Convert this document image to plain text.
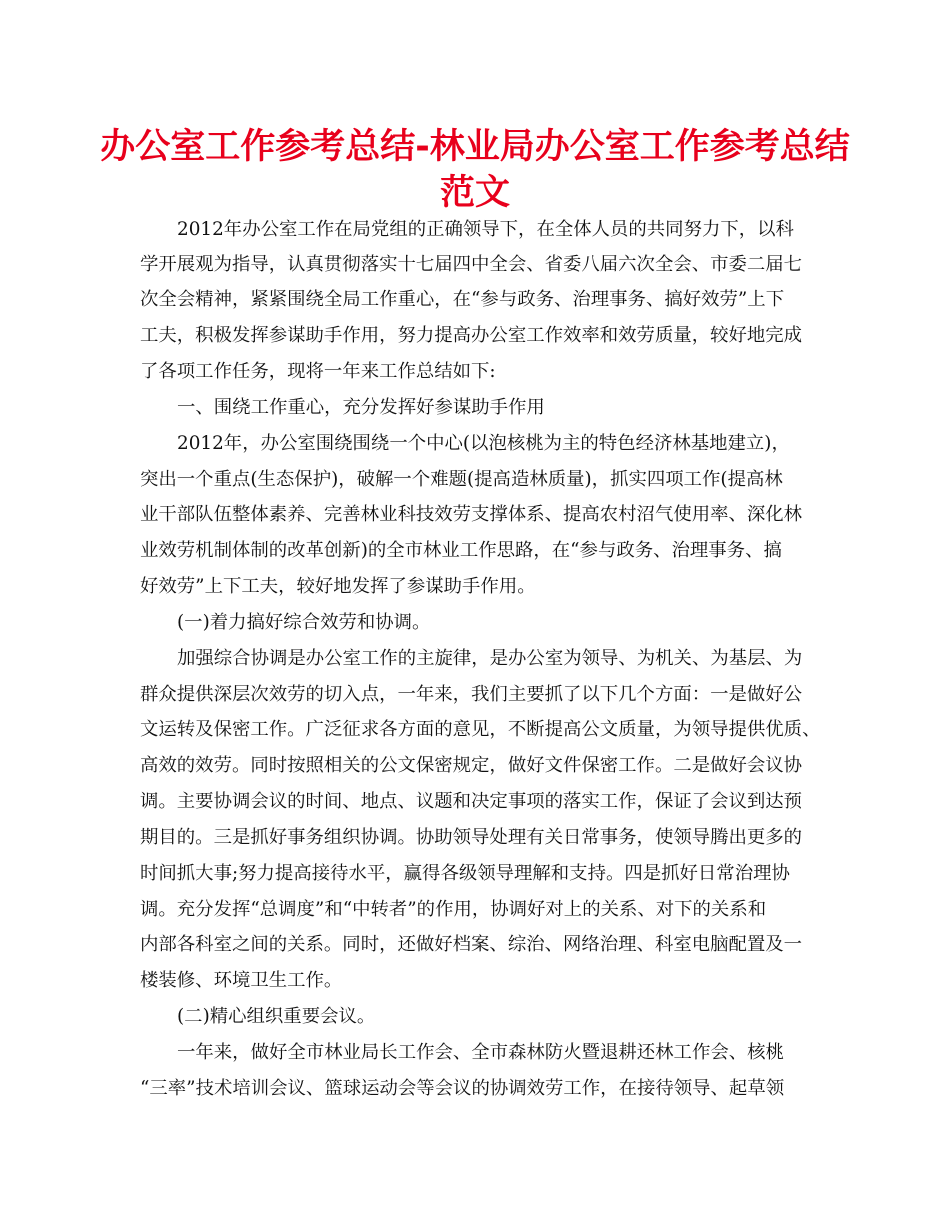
办公室工作参考总结-林业局办公室工作参考总结
范文
2012年办公室工作在局党组的正确领导下，在全体人员的共同努力下，以科
学开展观为指导，认真贯彻落实十七届四中全会、省委八届六次全会、市委二届七
次全会精神，紧紧围绕全局工作重心，在“参与政务、治理事务、搞好效劳”上下
工夫，积极发挥参谋助手作用，努力提高办公室工作效率和效劳质量，较好地完成
了各项工作任务，现将一年来工作总结如下:
一、围绕工作重心，充分发挥好参谋助手作用
2012年，办公室围绕围绕一个中心(以泡核桃为主的特色经济林基地建立)，
突出一个重点(生态保护)，破解一个难题(提高造林质量)，抓实四项工作(提高林
业干部队伍整体素养、完善林业科技效劳支撑体系、提高农村沼气使用率、深化林
业效劳机制体制的改革创新)的全市林业工作思路，在“参与政务、治理事务、搞
好效劳”上下工夫，较好地发挥了参谋助手作用。
(一)着力搞好综合效劳和协调。
加强综合协调是办公室工作的主旋律，是办公室为领导、为机关、为基层、为
群众提供深层次效劳的切入点，一年来，我们主要抓了以下几个方面：一是做好公
文运转及保密工作。广泛征求各方面的意见，不断提高公文质量，为领导提供优质、
高效的效劳。同时按照相关的公文保密规定，做好文件保密工作。二是做好会议协
调。主要协调会议的时间、地点、议题和决定事项的落实工作，保证了会议到达预
期目的。三是抓好事务组织协调。协助领导处理有关日常事务，使领导腾出更多的
时间抓大事;努力提高接待水平，赢得各级领导理解和支持。四是抓好日常治理协
调。充分发挥“总调度”和“中转者”的作用，协调好对上的关系、对下的关系和
内部各科室之间的关系。同时，还做好档案、综治、网络治理、科室电脑配置及一
楼装修、环境卫生工作。
(二)精心组织重要会议。
一年来，做好全市林业局长工作会、全市森林防火暨退耕还林工作会、核桃
“三率”技术培训会议、篮球运动会等会议的协调效劳工作，在接待领导、起草领
